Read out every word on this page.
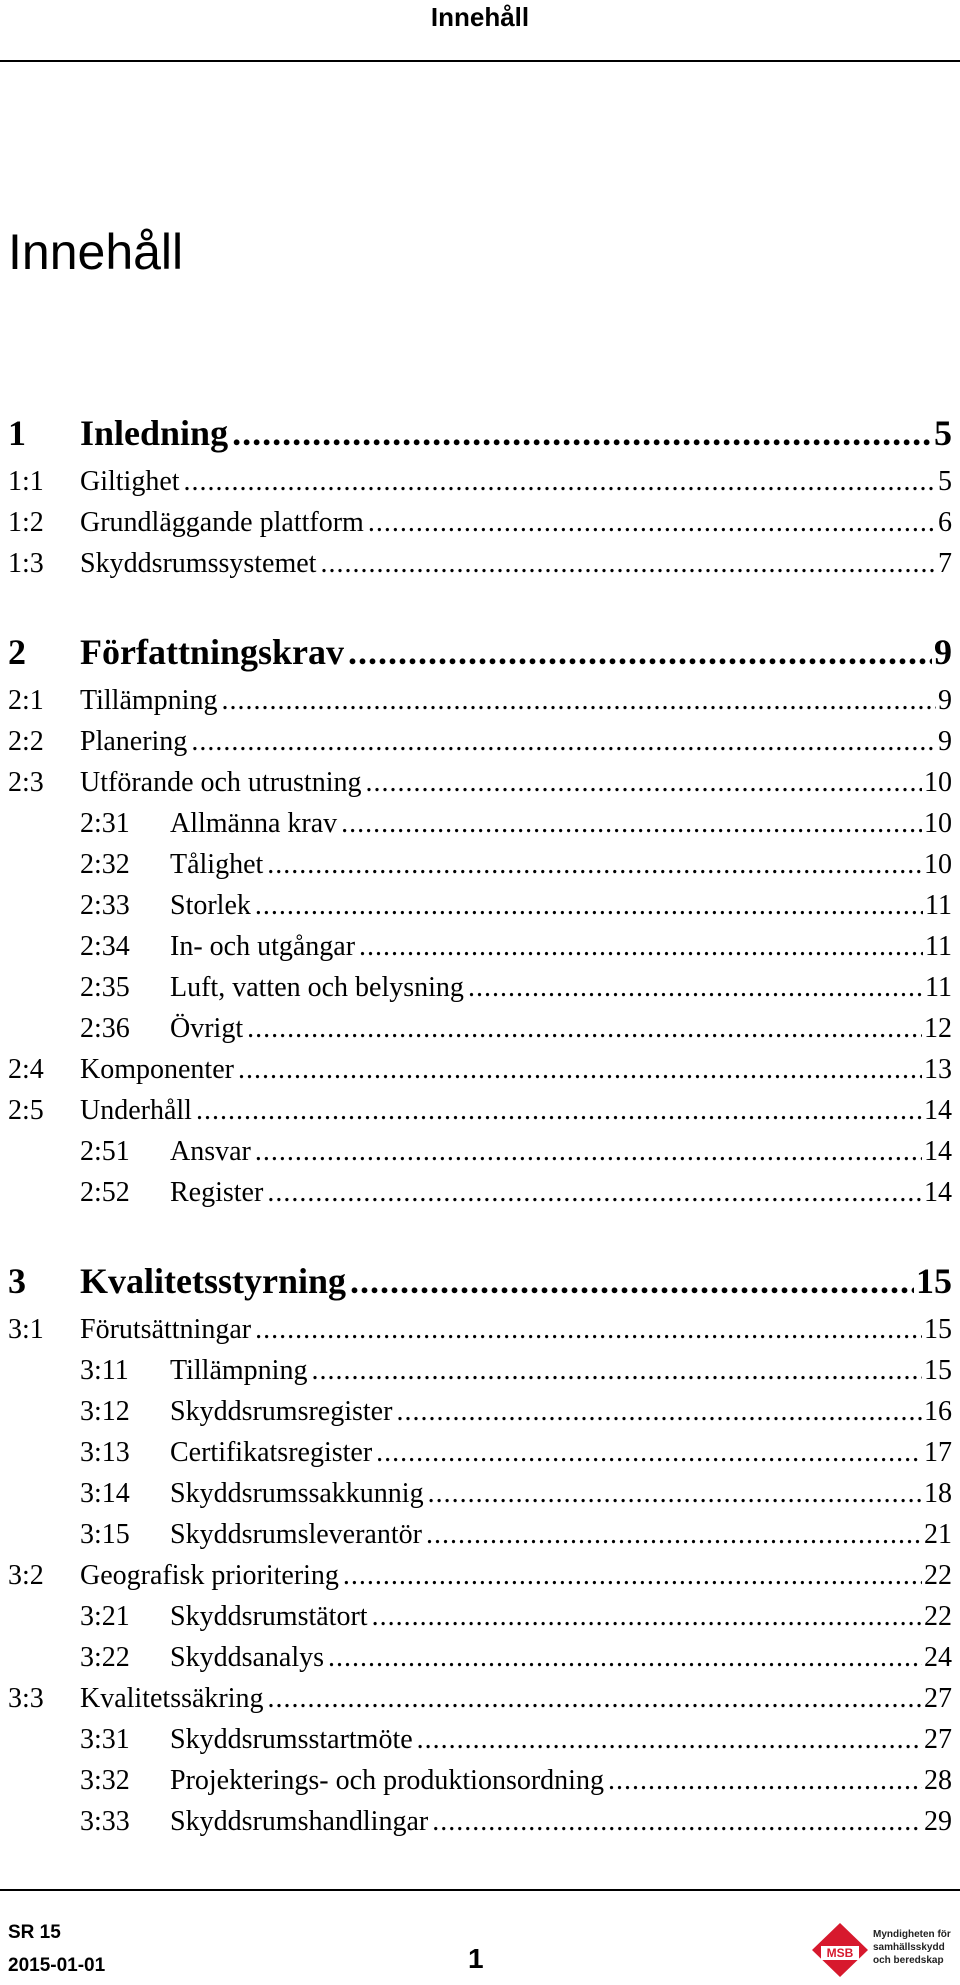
Innehåll
Innehåll
1	Inledning .....	5
1:1	Giltighet .....	5
1:2	Grundläggande plattform .....	6
1:3	Skyddsrumssystemet .....	7
2	Författningskrav .....	9
2:1	Tillämpning .....	9
2:2	Planering .....	9
2:3	Utförande och utrustning .....	10
2:31	Allmänna krav .....	10
2:32	Tålighet .....	10
2:33	Storlek .....	11
2:34	In- och utgångar .....	11
2:35	Luft, vatten och belysning .....	11
2:36	Övrigt .....	12
2:4	Komponenter .....	13
2:5	Underhåll .....	14
2:51	Ansvar .....	14
2:52	Register .....	14
3	Kvalitetsstyrning .....	15
3:1	Förutsättningar .....	15
3:11	Tillämpning .....	15
3:12	Skyddsrumsregister .....	16
3:13	Certifikatsregister .....	17
3:14	Skyddsrumssakkunnig .....	18
3:15	Skyddsrumsleverantör .....	21
3:2	Geografisk prioritering .....	22
3:21	Skyddsrumstätort .....	22
3:22	Skyddsanalys .....	24
3:3	Kvalitetssäkring .....	27
3:31	Skyddsrumsstartmöte .....	27
3:32	Projekterings- och produktionsordning .....	28
3:33	Skyddsrumshandlingar .....	29
SR 15
2015-01-01	1	MSB
Myndigheten för
samhällsskydd
och beredskap
